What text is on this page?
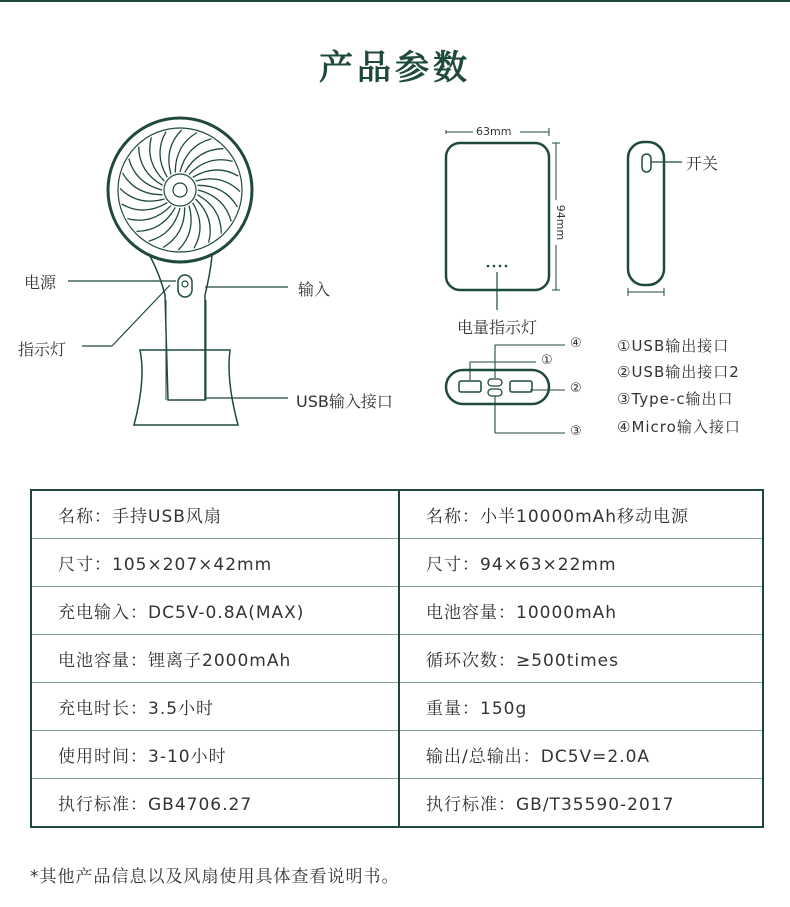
产品参数
电源
指示灯
输入
USB输入接口
63mm
94mm
开关
电量指示灯
④
①
②
③
①USB输出接口
②USB输出接口2
③Type-c输出口
④Micro输入接口
名称：手持USB风扇	名称：小半10000mAh移动电源
尺寸：105×207×42mm	尺寸：94×63×22mm
充电输入：DC5V-0.8A(MAX)	电池容量：10000mAh
电池容量：锂离子2000mAh	循环次数：≥500times
充电时长：3.5小时	重量：150g
使用时间：3-10小时	输出/总输出：DC5V=2.0A
执行标准：GB4706.27	执行标准：GB/T35590-2017
*其他产品信息以及风扇使用具体查看说明书。
